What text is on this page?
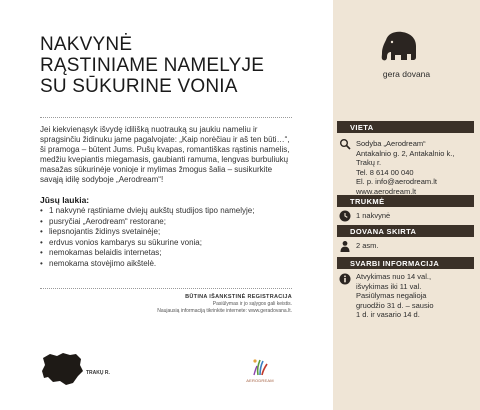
NAKVYNĖ
RĄSTINIAME NAMELYJE
SU SŪKURINE VONIA

Jei kiekvienąsyk išvydę idilišką nuotrauką su jaukiu nameliu ir spragsinčiu židinuku jame pagalvojate: „Kaip norėčiau ir aš ten būti…“, ši pramoga – būtent Jums. Pušų kvapas, romantiškas rąstinis namelis, medžiu kvepiantis miegamasis, gaubianti ramuma, lengvas burbuliukų masažas sūkurinėje vonioje ir mylimas žmogus šalia – susikurkite savąją idilę sodyboje „Aerodream“!

Jūsų laukia:

• 1 nakvynė rąstiniame dviejų aukštų studijos tipo namelyje;
• pusryčiai „Aerodream“ restorane;
• liepsnojantis židinys svetainėje;
• erdvus vonios kambarys su sūkurine vonia;
• nemokamas belaidis internetas;
• nemokama stovėjimo aikštelė.
BŪTINA IŠANKSTINĖ REGISTRACIJA
Pasiūlymas ir jo sąlygos gali keistis.
Naujausią informaciją tikrinkite internete: www.geradovana.lt.
TRAKŲ R.
AERODREAM
gera dovana
VIETA
Sodyba „Aerodream“
Antakalnio g. 2, Antakalnio k.,
Trakų r.
Tel. 8 614 00 040
El. p. info@aerodream.lt
www.aerodream.lt
TRUKMĖ
1 nakvynė
DOVANA SKIRTA
2 asm.
SVARBI INFORMACIJA
Atvykimas nuo 14 val.,
išvykimas iki 11 val.
Pasiūlymas negalioja
gruodžio 31 d. – sausio
1 d. ir vasario 14 d.
